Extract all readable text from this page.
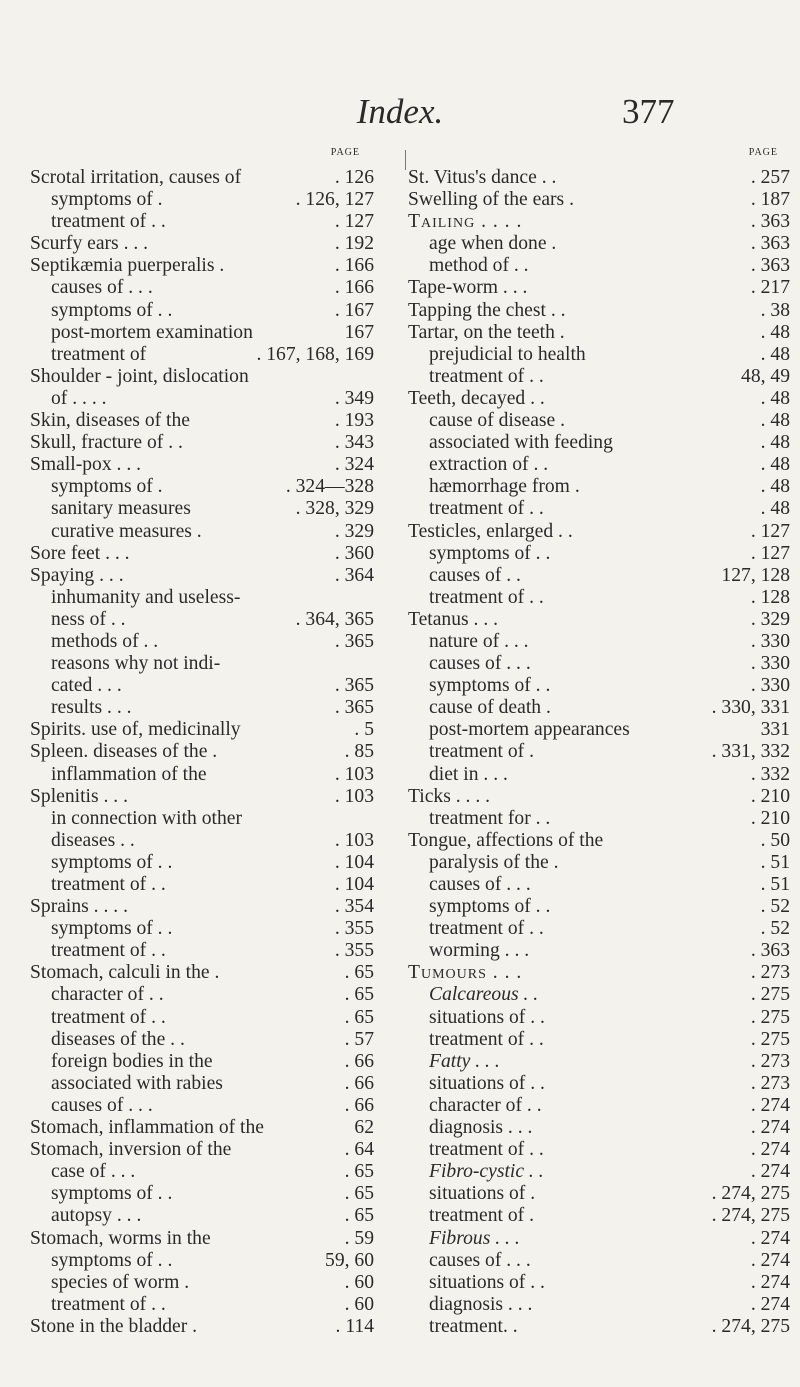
Index.	377
PAGE
Scrotal irritation, causes of	. 126
symptoms of .	. 126, 127
treatment of . .	. 127
Scurfy ears . . .	. 192
Septikæmia puerperalis .	. 166
causes of . . .	. 166
symptoms of . .	. 167
post-mortem examination	167
treatment of	. 167, 168, 169
Shoulder - joint, dislocation
of . . . .	. 349
Skin, diseases of the	. 193
Skull, fracture of . .	. 343
Small-pox . . .	. 324
symptoms of .	. 324—328
sanitary measures	. 328, 329
curative measures .	. 329
Sore feet . . .	. 360
Spaying . . .	. 364
inhumanity and useless-
ness of . .	. 364, 365
methods of . .	. 365
reasons why not indi-
cated . . .	. 365
results . . .	. 365
Spirits. use of, medicinally	. 5
Spleen. diseases of the .	. 85
inflammation of the	. 103
Splenitis . . .	. 103
in connection with other
diseases . .	. 103
symptoms of . .	. 104
treatment of . .	. 104
Sprains . . . .	. 354
symptoms of . .	. 355
treatment of . .	. 355
Stomach, calculi in the .	. 65
character of . .	. 65
treatment of . .	. 65
diseases of the . .	. 57
foreign bodies in the	. 66
associated with rabies	. 66
causes of . . .	. 66
Stomach, inflammation of the	62
Stomach, inversion of the	. 64
case of . . .	. 65
symptoms of . .	. 65
autopsy . . .	. 65
Stomach, worms in the	. 59
symptoms of . .	59, 60
species of worm .	. 60
treatment of . .	. 60
Stone in the bladder .	. 114
PAGE
St. Vitus's dance . .	. 257
Swelling of the ears .	. 187
Tailing . . . .	. 363
age when done .	. 363
method of . .	. 363
Tape-worm . . .	. 217
Tapping the chest . .	. 38
Tartar, on the teeth .	. 48
prejudicial to health	. 48
treatment of . .	48, 49
Teeth, decayed . .	. 48
cause of disease .	. 48
associated with feeding	. 48
extraction of . .	. 48
hæmorrhage from .	. 48
treatment of . .	. 48
Testicles, enlarged . .	. 127
symptoms of . .	. 127
causes of . .	127, 128
treatment of . .	. 128
Tetanus . . .	. 329
nature of . . .	. 330
causes of . . .	. 330
symptoms of . .	. 330
cause of death .	. 330, 331
post-mortem appearances	331
treatment of .	. 331, 332
diet in . . .	. 332
Ticks . . . .	. 210
treatment for . .	. 210
Tongue, affections of the	. 50
paralysis of the .	. 51
causes of . . .	. 51
symptoms of . .	. 52
treatment of . .	. 52
worming . . .	. 363
Tumours . . .	. 273
Calcareous . .	. 275
situations of . .	. 275
treatment of . .	. 275
Fatty . . .	. 273
situations of . .	. 273
character of . .	. 274
diagnosis . . .	. 274
treatment of . .	. 274
Fibro-cystic . .	. 274
situations of .	. 274, 275
treatment of .	. 274, 275
Fibrous . . .	. 274
causes of . . .	. 274
situations of . .	. 274
diagnosis . . .	. 274
treatment. .	. 274, 275
